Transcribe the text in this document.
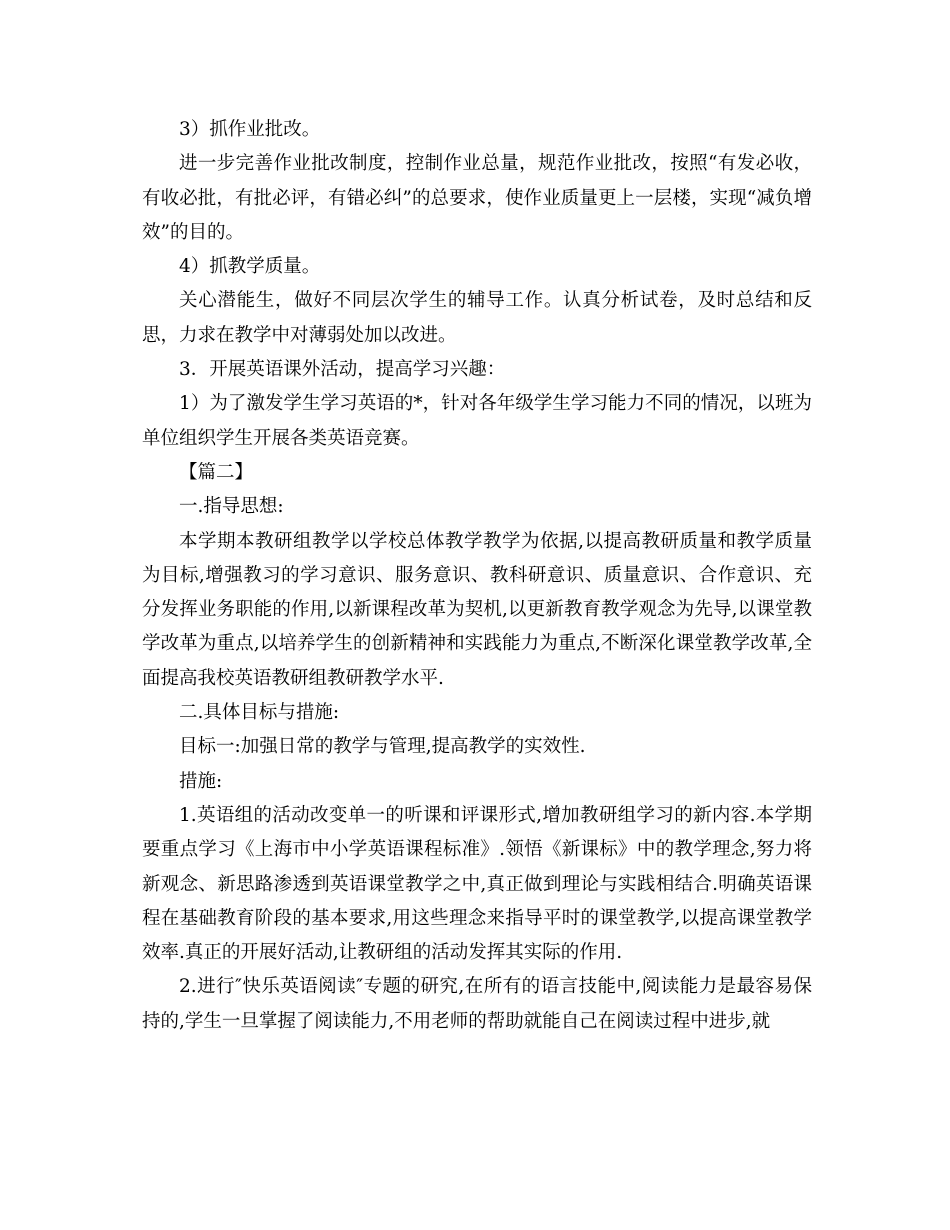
3）抓作业批改。

进一步完善作业批改制度，控制作业总量，规范作业批改，按照“有发必收，有收必批，有批必评，有错必纠”的总要求，使作业质量更上一层楼，实现“减负增效”的目的。

4）抓教学质量。

关心潜能生，做好不同层次学生的辅导工作。认真分析试卷，及时总结和反思，力求在教学中对薄弱处加以改进。

3．开展英语课外活动，提高学习兴趣：

1）为了激发学生学习英语的*，针对各年级学生学习能力不同的情况，以班为单位组织学生开展各类英语竞赛。

【篇二】

一.指导思想:

本学期本教研组教学以学校总体教学教学为依据,以提高教研质量和教学质量为目标,增强教习的学习意识、服务意识、教科研意识、质量意识、合作意识、充分发挥业务职能的作用,以新课程改革为契机,以更新教育教学观念为先导,以课堂教学改革为重点,以培养学生的创新精神和实践能力为重点,不断深化课堂教学改革,全面提高我校英语教研组教研教学水平.

二.具体目标与措施:

目标一:加强日常的教学与管理,提高教学的实效性.

措施:

1.英语组的活动改变单一的听课和评课形式,增加教研组学习的新内容.本学期要重点学习《上海市中小学英语课程标准》.领悟《新课标》中的教学理念,努力将新观念、新思路渗透到英语课堂教学之中,真正做到理论与实践相结合.明确英语课程在基础教育阶段的基本要求,用这些理念来指导平时的课堂教学,以提高课堂教学效率.真正的开展好活动,让教研组的活动发挥其实际的作用.

2.进行″快乐英语阅读″专题的研究,在所有的语言技能中,阅读能力是最容易保持的,学生一旦掌握了阅读能力,不用老师的帮助就能自己在阅读过程中进步,就
